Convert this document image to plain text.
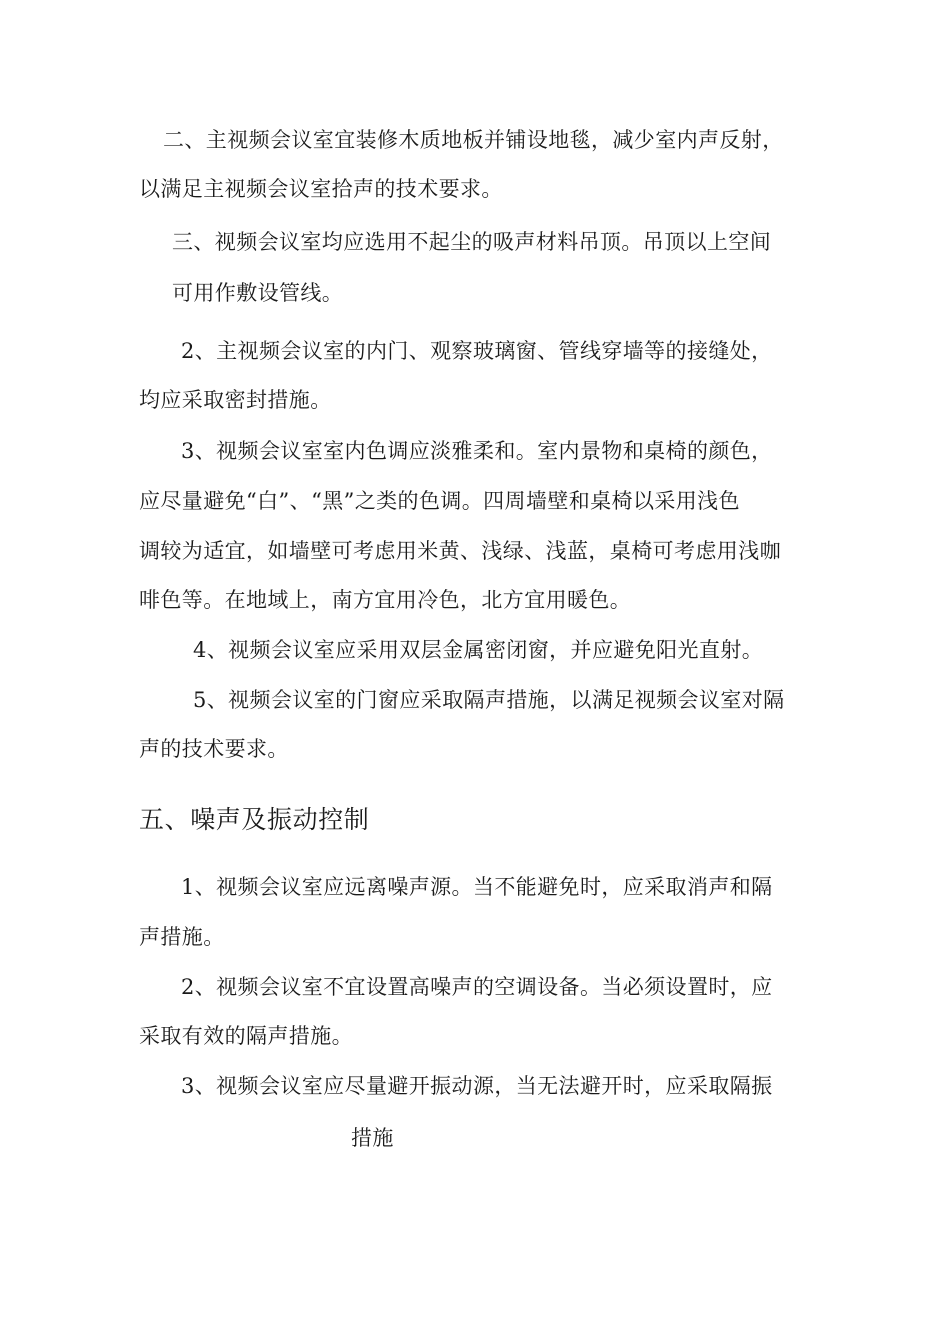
二、主视频会议室宜装修木质地板并铺设地毯，减少室内声反射，
以满足主视频会议室拾声的技术要求。
三、视频会议室均应选用不起尘的吸声材料吊顶。吊顶以上空间
可用作敷设管线。
2、主视频会议室的内门、观察玻璃窗、管线穿墙等的接缝处，
均应采取密封措施。
3、视频会议室室内色调应淡雅柔和。室内景物和桌椅的颜色，
应尽量避免“白”、“黑”之类的色调。四周墙壁和桌椅以采用浅色
调较为适宜，如墙壁可考虑用米黄、浅绿、浅蓝，桌椅可考虑用浅咖
啡色等。在地域上，南方宜用冷色，北方宜用暖色。
4、视频会议室应采用双层金属密闭窗，并应避免阳光直射。
5、视频会议室的门窗应采取隔声措施，以满足视频会议室对隔
声的技术要求。
五、噪声及振动控制
1、视频会议室应远离噪声源。当不能避免时，应采取消声和隔
声措施。
2、视频会议室不宜设置高噪声的空调设备。当必须设置时，应
采取有效的隔声措施。
3、视频会议室应尽量避开振动源，当无法避开时，应采取隔振
措施
